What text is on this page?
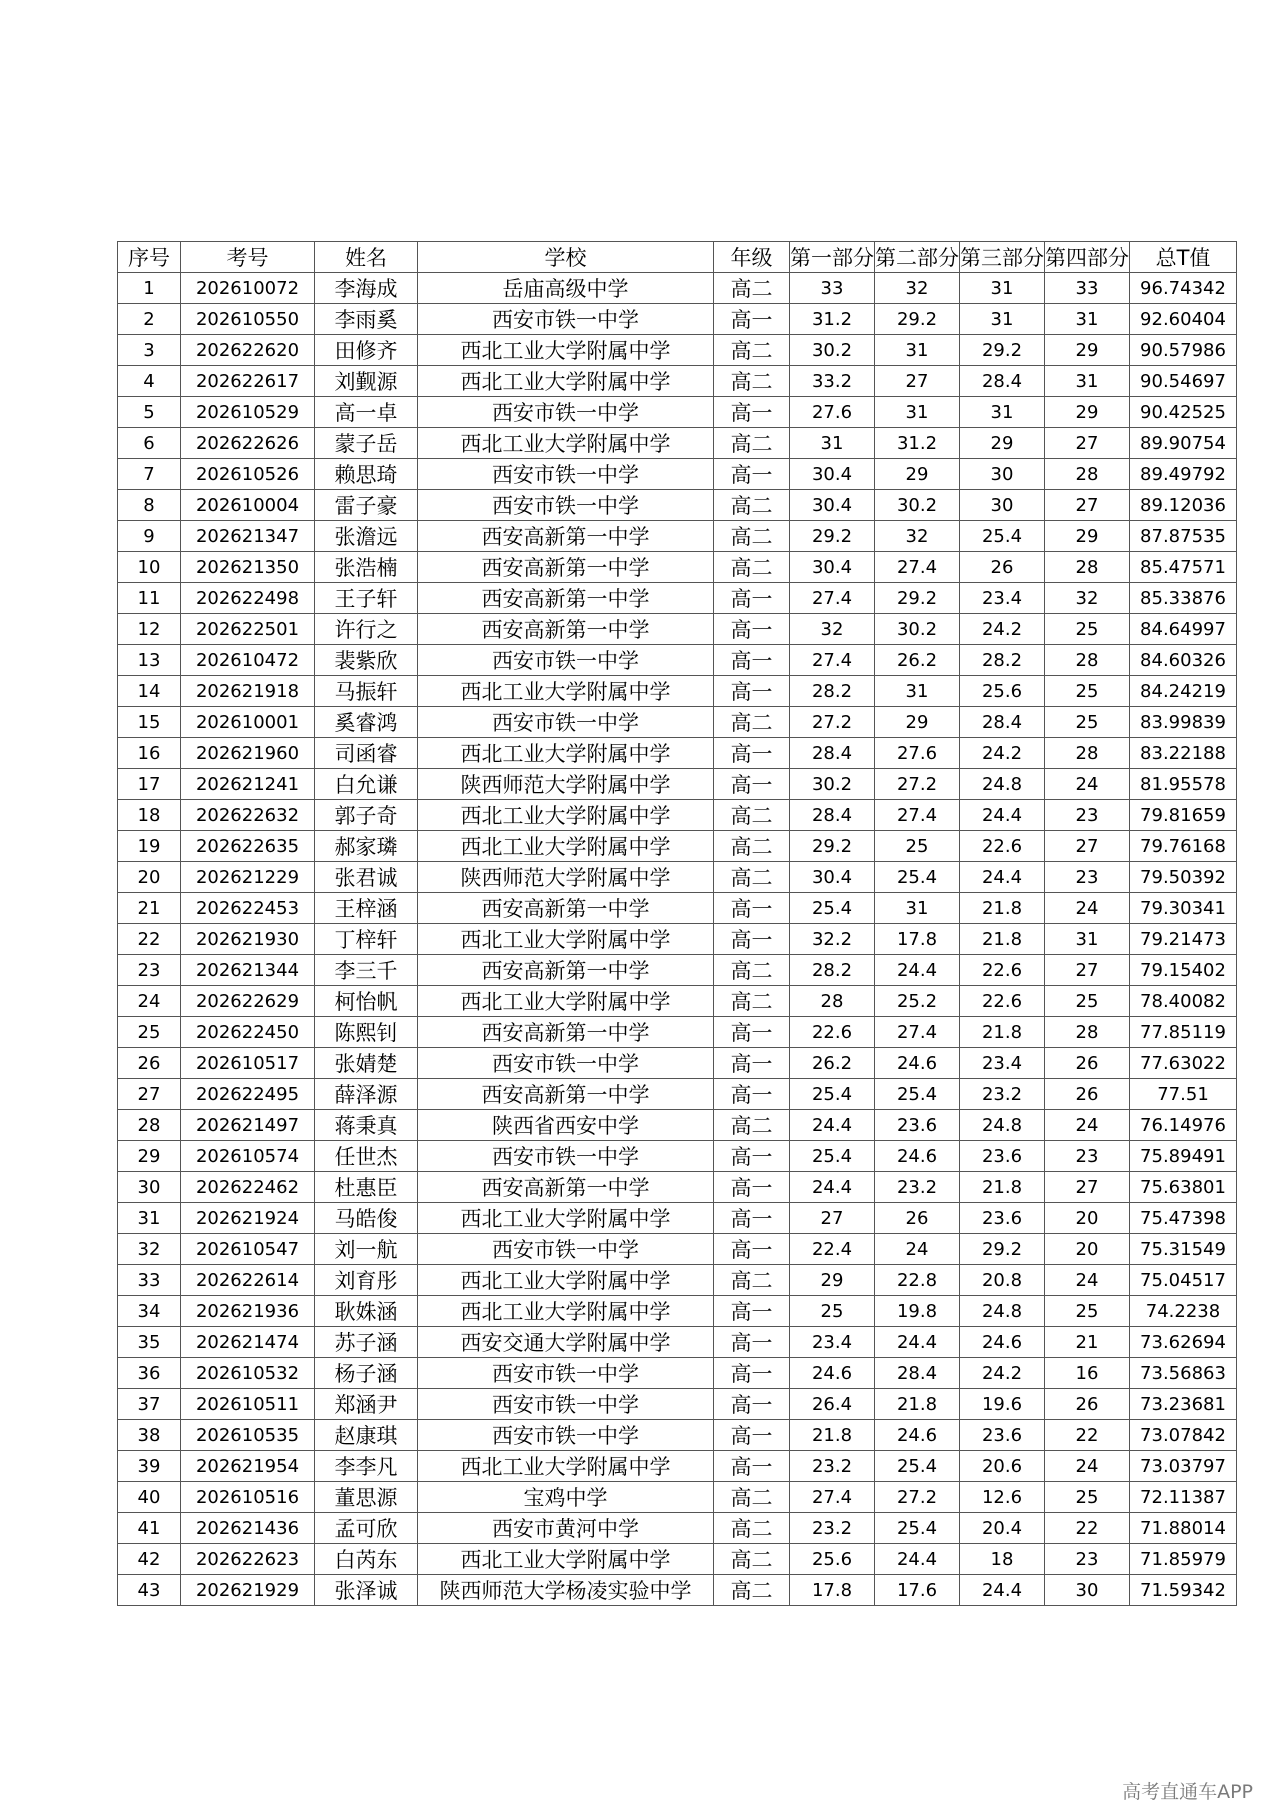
序号	考号	姓名	学校	年级	第一部分	第二部分	第三部分	第四部分	总T值
1	202610072	李海成	岳庙高级中学	高二	33	32	31	33	96.74342
2	202610550	李雨奚	西安市铁一中学	高一	31.2	29.2	31	31	92.60404
3	202622620	田修齐	西北工业大学附属中学	高二	30.2	31	29.2	29	90.57986
4	202622617	刘觐源	西北工业大学附属中学	高二	33.2	27	28.4	31	90.54697
5	202610529	高一卓	西安市铁一中学	高一	27.6	31	31	29	90.42525
6	202622626	蒙子岳	西北工业大学附属中学	高二	31	31.2	29	27	89.90754
7	202610526	赖思琦	西安市铁一中学	高一	30.4	29	30	28	89.49792
8	202610004	雷子豪	西安市铁一中学	高二	30.4	30.2	30	27	89.12036
9	202621347	张澹远	西安高新第一中学	高二	29.2	32	25.4	29	87.87535
10	202621350	张浩楠	西安高新第一中学	高二	30.4	27.4	26	28	85.47571
11	202622498	王子轩	西安高新第一中学	高一	27.4	29.2	23.4	32	85.33876
12	202622501	许行之	西安高新第一中学	高一	32	30.2	24.2	25	84.64997
13	202610472	裴紫欣	西安市铁一中学	高一	27.4	26.2	28.2	28	84.60326
14	202621918	马振轩	西北工业大学附属中学	高一	28.2	31	25.6	25	84.24219
15	202610001	奚睿鸿	西安市铁一中学	高二	27.2	29	28.4	25	83.99839
16	202621960	司函睿	西北工业大学附属中学	高一	28.4	27.6	24.2	28	83.22188
17	202621241	白允谦	陕西师范大学附属中学	高一	30.2	27.2	24.8	24	81.95578
18	202622632	郭子奇	西北工业大学附属中学	高二	28.4	27.4	24.4	23	79.81659
19	202622635	郝家璘	西北工业大学附属中学	高二	29.2	25	22.6	27	79.76168
20	202621229	张君诚	陕西师范大学附属中学	高二	30.4	25.4	24.4	23	79.50392
21	202622453	王梓涵	西安高新第一中学	高一	25.4	31	21.8	24	79.30341
22	202621930	丁梓轩	西北工业大学附属中学	高一	32.2	17.8	21.8	31	79.21473
23	202621344	李三千	西安高新第一中学	高二	28.2	24.4	22.6	27	79.15402
24	202622629	柯怡帆	西北工业大学附属中学	高二	28	25.2	22.6	25	78.40082
25	202622450	陈熙钊	西安高新第一中学	高一	22.6	27.4	21.8	28	77.85119
26	202610517	张婧楚	西安市铁一中学	高一	26.2	24.6	23.4	26	77.63022
27	202622495	薛泽源	西安高新第一中学	高一	25.4	25.4	23.2	26	77.51
28	202621497	蒋秉真	陕西省西安中学	高二	24.4	23.6	24.8	24	76.14976
29	202610574	任世杰	西安市铁一中学	高一	25.4	24.6	23.6	23	75.89491
30	202622462	杜惠臣	西安高新第一中学	高一	24.4	23.2	21.8	27	75.63801
31	202621924	马皓俊	西北工业大学附属中学	高一	27	26	23.6	20	75.47398
32	202610547	刘一航	西安市铁一中学	高一	22.4	24	29.2	20	75.31549
33	202622614	刘育彤	西北工业大学附属中学	高二	29	22.8	20.8	24	75.04517
34	202621936	耿姝涵	西北工业大学附属中学	高一	25	19.8	24.8	25	74.2238
35	202621474	苏子涵	西安交通大学附属中学	高一	23.4	24.4	24.6	21	73.62694
36	202610532	杨子涵	西安市铁一中学	高一	24.6	28.4	24.2	16	73.56863
37	202610511	郑涵尹	西安市铁一中学	高一	26.4	21.8	19.6	26	73.23681
38	202610535	赵康琪	西安市铁一中学	高一	21.8	24.6	23.6	22	73.07842
39	202621954	李李凡	西北工业大学附属中学	高一	23.2	25.4	20.6	24	73.03797
40	202610516	董思源	宝鸡中学	高二	27.4	27.2	12.6	25	72.11387
41	202621436	孟可欣	西安市黄河中学	高二	23.2	25.4	20.4	22	71.88014
42	202622623	白芮东	西北工业大学附属中学	高二	25.6	24.4	18	23	71.85979
43	202621929	张泽诚	陕西师范大学杨凌实验中学	高二	17.8	17.6	24.4	30	71.59342
高考直通车APP
